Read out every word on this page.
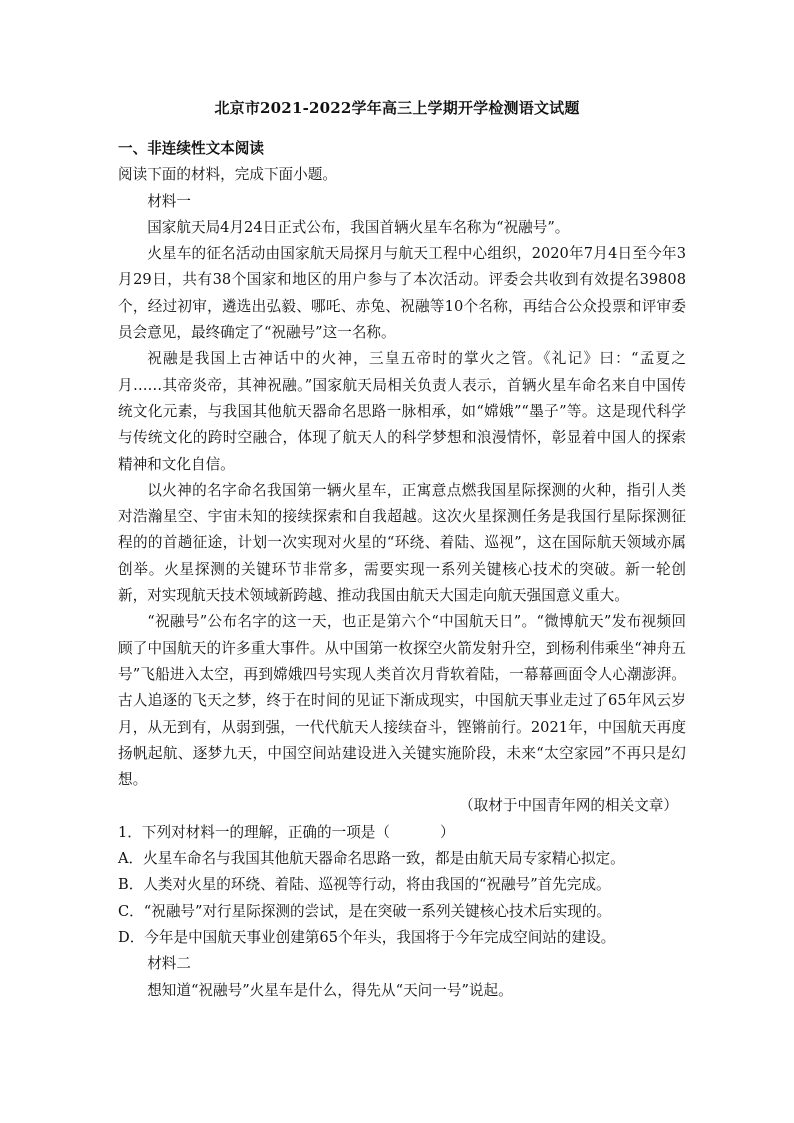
北京市2021-2022学年高三上学期开学检测语文试题

一、非连续性文本阅读

阅读下面的材料，完成下面小题。

材料一

国家航天局4月24日正式公布，我国首辆火星车名称为“祝融号”。

火星车的征名活动由国家航天局探月与航天工程中心组织，2020年7月4日至今年3月29日，共有38个国家和地区的用户参与了本次活动。评委会共收到有效提名39808个，经过初审，遴选出弘毅、哪吒、赤兔、祝融等10个名称，再结合公众投票和评审委员会意见，最终确定了“祝融号”这一名称。

祝融是我国上古神话中的火神，三皇五帝时的掌火之管。《礼记》曰：“孟夏之月……其帝炎帝，其神祝融。”国家航天局相关负责人表示，首辆火星车命名来自中国传统文化元素，与我国其他航天器命名思路一脉相承，如“嫦娥”“墨子”等。这是现代科学与传统文化的跨时空融合，体现了航天人的科学梦想和浪漫情怀，彰显着中国人的探索精神和文化自信。

以火神的名字命名我国第一辆火星车，正寓意点燃我国星际探测的火种，指引人类对浩瀚星空、宇宙未知的接续探索和自我超越。这次火星探测任务是我国行星际探测征程的的首趟征途，计划一次实现对火星的“环绕、着陆、巡视”，这在国际航天领域亦属创举。火星探测的关键环节非常多，需要实现一系列关键核心技术的突破。新一轮创新，对实现航天技术领域新跨越、推动我国由航天大国走向航天强国意义重大。

“祝融号”公布名字的这一天，也正是第六个“中国航天日”。“微博航天”发布视频回顾了中国航天的许多重大事件。从中国第一枚探空火箭发射升空，到杨利伟乘坐“神舟五号”飞船进入太空，再到嫦娥四号实现人类首次月背软着陆，一幕幕画面令人心潮澎湃。古人追逐的飞天之梦，终于在时间的见证下渐成现实，中国航天事业走过了65年风云岁月，从无到有，从弱到强，一代代航天人接续奋斗，铿锵前行。2021年，中国航天再度扬帆起航、逐梦九天，中国空间站建设进入关键实施阶段，未来“太空家园”不再只是幻想。

（取材于中国青年网的相关文章）

1．下列对材料一的理解，正确的一项是（	）

A．火星车命名与我国其他航天器命名思路一致，都是由航天局专家精心拟定。

B．人类对火星的环绕、着陆、巡视等行动，将由我国的“祝融号”首先完成。

C．“祝融号”对行星际探测的尝试，是在突破一系列关键核心技术后实现的。

D．今年是中国航天事业创建第65个年头，我国将于今年完成空间站的建设。

材料二

想知道“祝融号”火星车是什么，得先从“天问一号”说起。
